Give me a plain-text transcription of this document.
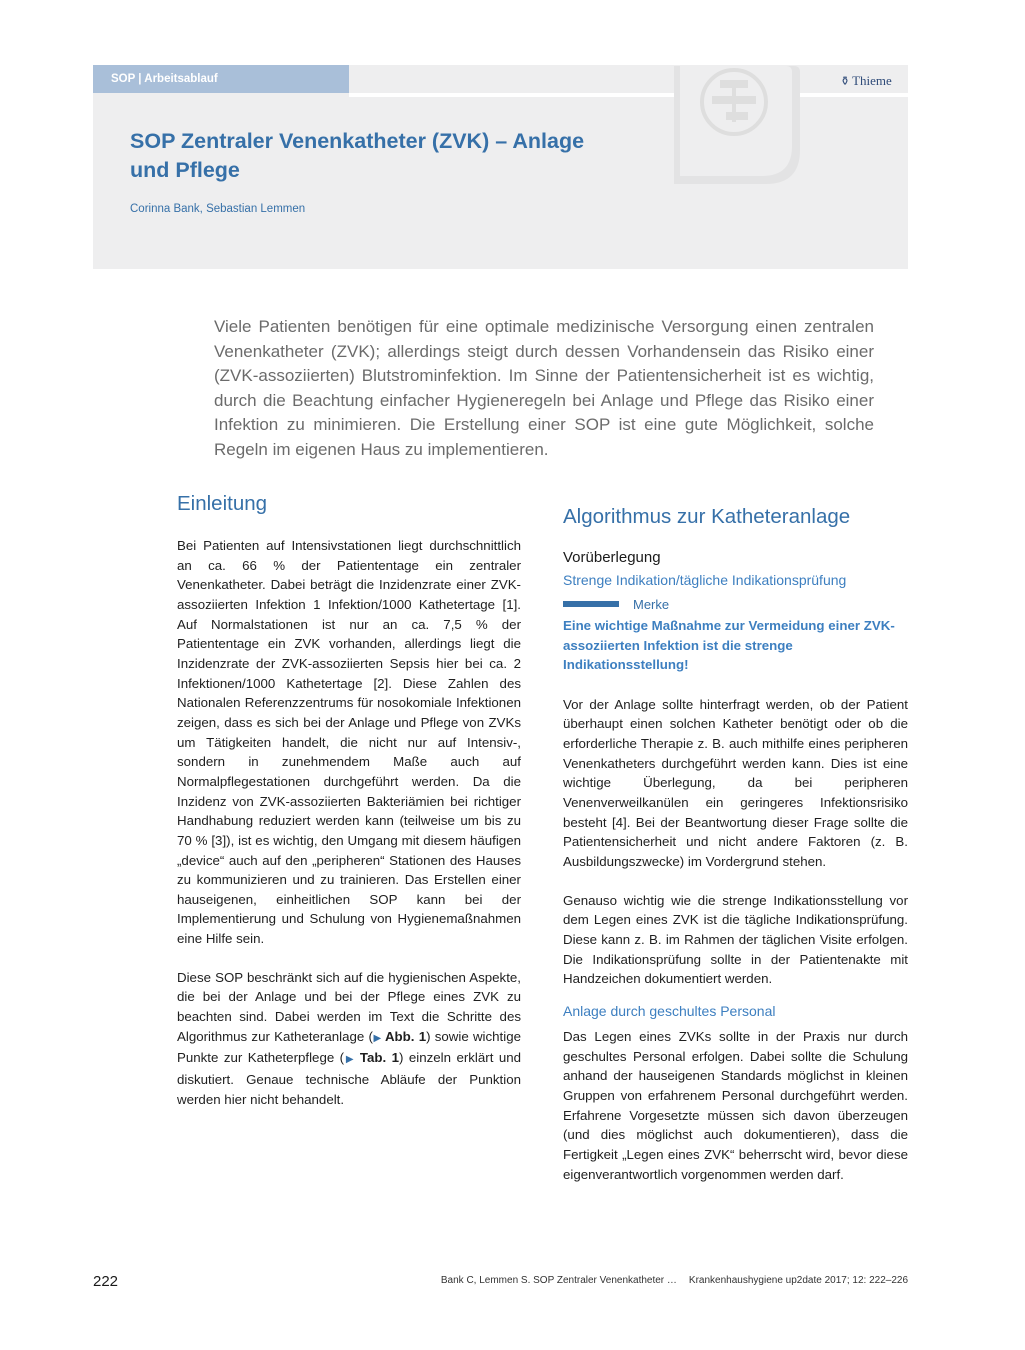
SOP | Arbeitsablauf	⚱ Thieme
SOP Zentraler Venenkatheter (ZVK) – Anlage und Pflege
Corinna Bank, Sebastian Lemmen

Viele Patienten benötigen für eine optimale medizinische Versorgung einen zentralen Venenkatheter (ZVK); allerdings steigt durch dessen Vorhandensein das Risiko einer (ZVK-assoziierten) Blutstrominfektion. Im Sinne der Patientensicherheit ist es wichtig, durch die Beachtung einfacher Hygieneregeln bei Anlage und Pflege das Risiko einer Infektion zu minimieren. Die Erstellung einer SOP ist eine gute Möglichkeit, solche Regeln im eigenen Haus zu implementieren.

Einleitung

Bei Patienten auf Intensivstationen liegt durchschnittlich an ca. 66 % der Patiententage ein zentraler Venenkatheter. Dabei beträgt die Inzidenzrate einer ZVK-assoziierten Infektion 1 Infektion/1000 Kathetertage [1]. Auf Normalstationen ist nur an ca. 7,5 % der Patiententage ein ZVK vorhanden, allerdings liegt die Inzidenzrate der ZVK-assoziierten Sepsis hier bei ca. 2 Infektionen/1000 Kathetertage [2]. Diese Zahlen des Nationalen Referenzzentrums für nosokomiale Infektionen zeigen, dass es sich bei der Anlage und Pflege von ZVKs um Tätigkeiten handelt, die nicht nur auf Intensiv-, sondern in zunehmendem Maße auch auf Normalpflegestationen durchgeführt werden. Da die Inzidenz von ZVK-assoziierten Bakteriämien bei richtiger Handhabung reduziert werden kann (teilweise um bis zu 70 % [3]), ist es wichtig, den Umgang mit diesem häufigen „device“ auch auf den „peripheren“ Stationen des Hauses zu kommunizieren und zu trainieren. Das Erstellen einer hauseigenen, einheitlichen SOP kann bei der Implementierung und Schulung von Hygienemaßnahmen eine Hilfe sein.

Diese SOP beschränkt sich auf die hygienischen Aspekte, die bei der Anlage und bei der Pflege eines ZVK zu beachten sind. Dabei werden im Text die Schritte des Algorithmus zur Katheteranlage (▶ Abb. 1) sowie wichtige Punkte zur Katheterpflege (▶ Tab. 1) einzeln erklärt und diskutiert. Genaue technische Abläufe der Punktion werden hier nicht behandelt.

Algorithmus zur Katheteranlage
Vorüberlegung
Strenge Indikation/tägliche Indikationsprüfung
Merke

Eine wichtige Maßnahme zur Vermeidung einer ZVK-assoziierten Infektion ist die strenge Indikationsstellung!

Vor der Anlage sollte hinterfragt werden, ob der Patient überhaupt einen solchen Katheter benötigt oder ob die erforderliche Therapie z. B. auch mithilfe eines peripheren Venenkatheters durchgeführt werden kann. Dies ist eine wichtige Überlegung, da bei peripheren Venenverweilkanülen ein geringeres Infektionsrisiko besteht [4]. Bei der Beantwortung dieser Frage sollte die Patientensicherheit und nicht andere Faktoren (z. B. Ausbildungszwecke) im Vordergrund stehen.

Genauso wichtig wie die strenge Indikationsstellung vor dem Legen eines ZVK ist die tägliche Indikationsprüfung. Diese kann z. B. im Rahmen der täglichen Visite erfolgen. Die Indikationsprüfung sollte in der Patientenakte mit Handzeichen dokumentiert werden.

Anlage durch geschultes Personal

Das Legen eines ZVKs sollte in der Praxis nur durch geschultes Personal erfolgen. Dabei sollte die Schulung anhand der hauseigenen Standards möglichst in kleinen Gruppen von erfahrenem Personal durchgeführt werden. Erfahrene Vorgesetzte müssen sich davon überzeugen (und dies möglichst auch dokumentieren), dass die Fertigkeit „Legen eines ZVK“ beherrscht wird, bevor diese eigenverantwortlich vorgenommen werden darf.

222	Bank C, Lemmen S. SOP Zentraler Venenkatheter … Krankenhaushygiene up2date 2017; 12: 222–226
